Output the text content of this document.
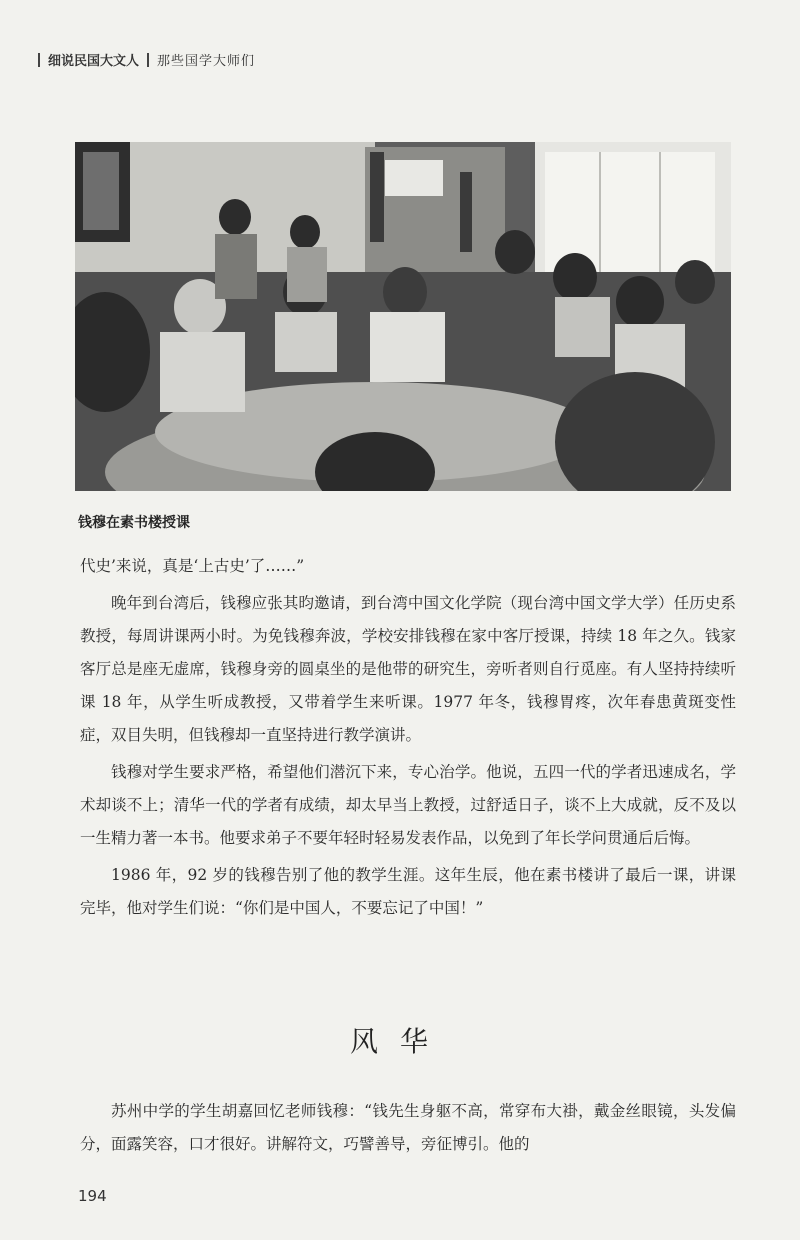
细说民国大文人 那些国学大师们
钱穆在素书楼授课

代史’来说，真是‘上古史’了……”

晚年到台湾后，钱穆应张其昀邀请，到台湾中国文化学院（现台湾中国文学大学）任历史系教授，每周讲课两小时。为免钱穆奔波，学校安排钱穆在家中客厅授课，持续 18 年之久。钱家客厅总是座无虚席，钱穆身旁的圆桌坐的是他带的研究生，旁听者则自行觅座。有人坚持持续听课 18 年，从学生听成教授，又带着学生来听课。1977 年冬，钱穆胃疼，次年春患黄斑变性症，双目失明，但钱穆却一直坚持进行教学演讲。

钱穆对学生要求严格，希望他们潜沉下来，专心治学。他说，五四一代的学者迅速成名，学术却谈不上；清华一代的学者有成绩，却太早当上教授，过舒适日子，谈不上大成就，反不及以一生精力著一本书。他要求弟子不要年轻时轻易发表作品，以免到了年长学问贯通后后悔。

1986 年，92 岁的钱穆告别了他的教学生涯。这年生辰，他在素书楼讲了最后一课，讲课完毕，他对学生们说：“你们是中国人，不要忘记了中国！”

风华

苏州中学的学生胡嘉回忆老师钱穆：“钱先生身躯不高，常穿布大褂，戴金丝眼镜，头发偏分，面露笑容，口才很好。讲解符文，巧譬善导，旁征博引。他的

194
